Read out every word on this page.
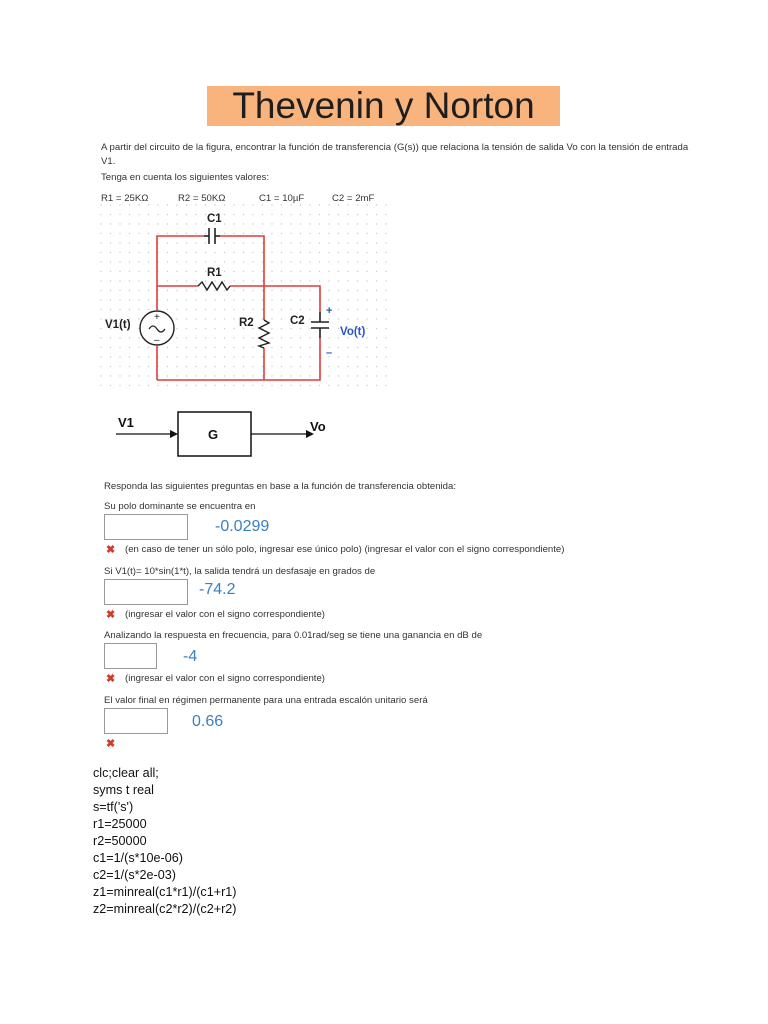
Thevenin y Norton
A partir del circuito de la figura, encontrar la función de transferencia (G(s)) que relaciona la tensión de salida Vo con la tensión de entrada
V1.
Tenga en cuenta los siguientes valores:
R1 = 25KΩ	R2 = 50KΩ	C1 = 10µF	C2 = 2mF
+
–
C1
R1
R2	C2
V1(t)
+
Vo(t)
–
V1
G
Vo
Responda las siguientes preguntas en base a la función de transferencia obtenida:
Su polo dominante se encuentra en
-0.0299
✖ (en caso de tener un sólo polo, ingresar ese único polo) (ingresar el valor con el signo correspondiente)
Si V1(t)= 10*sin(1*t), la salida tendrá un desfasaje en grados de
-74.2
✖ (ingresar el valor con el signo correspondiente)
Analizando la respuesta en frecuencia, para 0.01rad/seg se tiene una ganancia en dB de
-4
✖ (ingresar el valor con el signo correspondiente)
El valor final en régimen permanente para una entrada escalón unitario será
0.66
✖
clc;clear all;
syms t real
s=tf('s')
r1=25000
r2=50000
c1=1/(s*10e-06)
c2=1/(s*2e-03)
z1=minreal(c1*r1)/(c1+r1)
z2=minreal(c2*r2)/(c2+r2)
